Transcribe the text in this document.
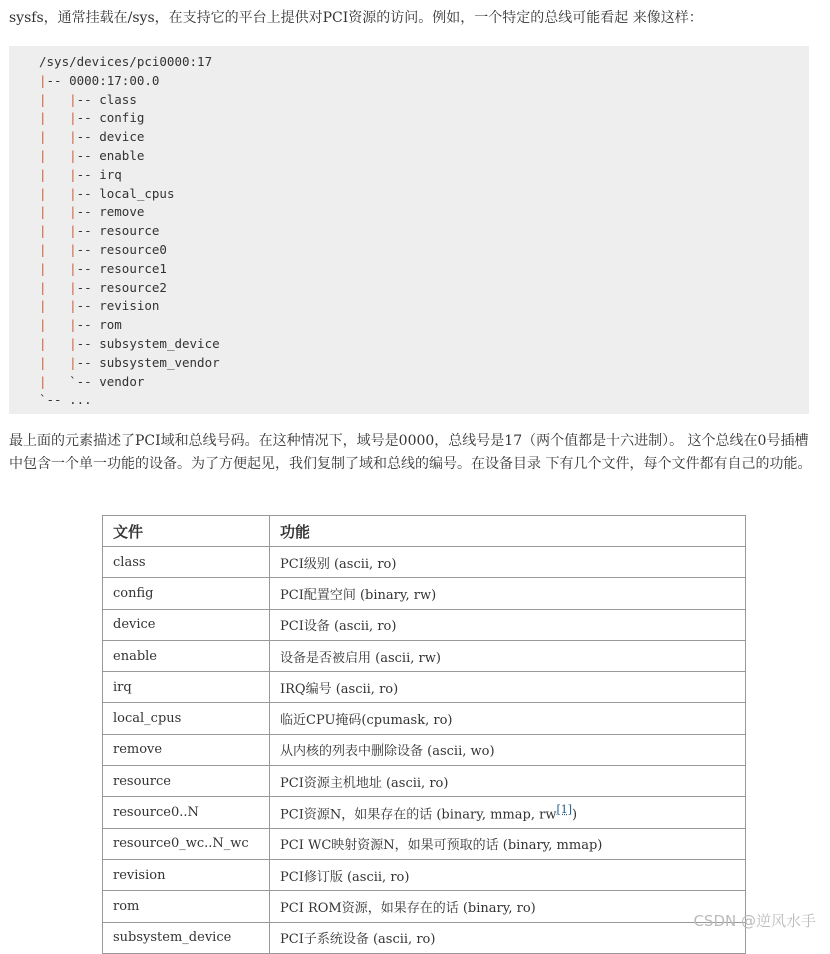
sysfs，通常挂载在/sys，在支持它的平台上提供对PCI资源的访问。例如，一个特定的总线可能看起 来像这样：

/sys/devices/pci0000:17
|-- 0000:17:00.0
| |-- class
| |-- config
| |-- device
| |-- enable
| |-- irq
| |-- local_cpus
| |-- remove
| |-- resource
| |-- resource0
| |-- resource1
| |-- resource2
| |-- revision
| |-- rom
| |-- subsystem_device
| |-- subsystem_vendor
|   `-- vendor
`-- ...

最上面的元素描述了PCI域和总线号码。在这种情况下，域号是0000，总线号是17（两个值都是十六进制）。 这个总线在0号插槽中包含一个单一功能的设备。为了方便起见，我们复制了域和总线的编号。在设备目录 下有几个文件，每个文件都有自己的功能。

文件	功能
class	PCI级别 (ascii, ro)
config	PCI配置空间 (binary, rw)
device	PCI设备 (ascii, ro)
enable	设备是否被启用 (ascii, rw)
irq	IRQ编号 (ascii, ro)
local_cpus	临近CPU掩码(cpumask, ro)
remove	从内核的列表中删除设备 (ascii, wo)
resource	PCI资源主机地址 (ascii, ro)
resource0..N	PCI资源N，如果存在的话 (binary, mmap, rw[1])
resource0_wc..N_wc	PCI WC映射资源N，如果可预取的话 (binary, mmap)
revision	PCI修订版 (ascii, ro)
rom	PCI ROM资源，如果存在的话 (binary, ro)
subsystem_device	PCI子系统设备 (ascii, ro)
CSDN @逆风水手
